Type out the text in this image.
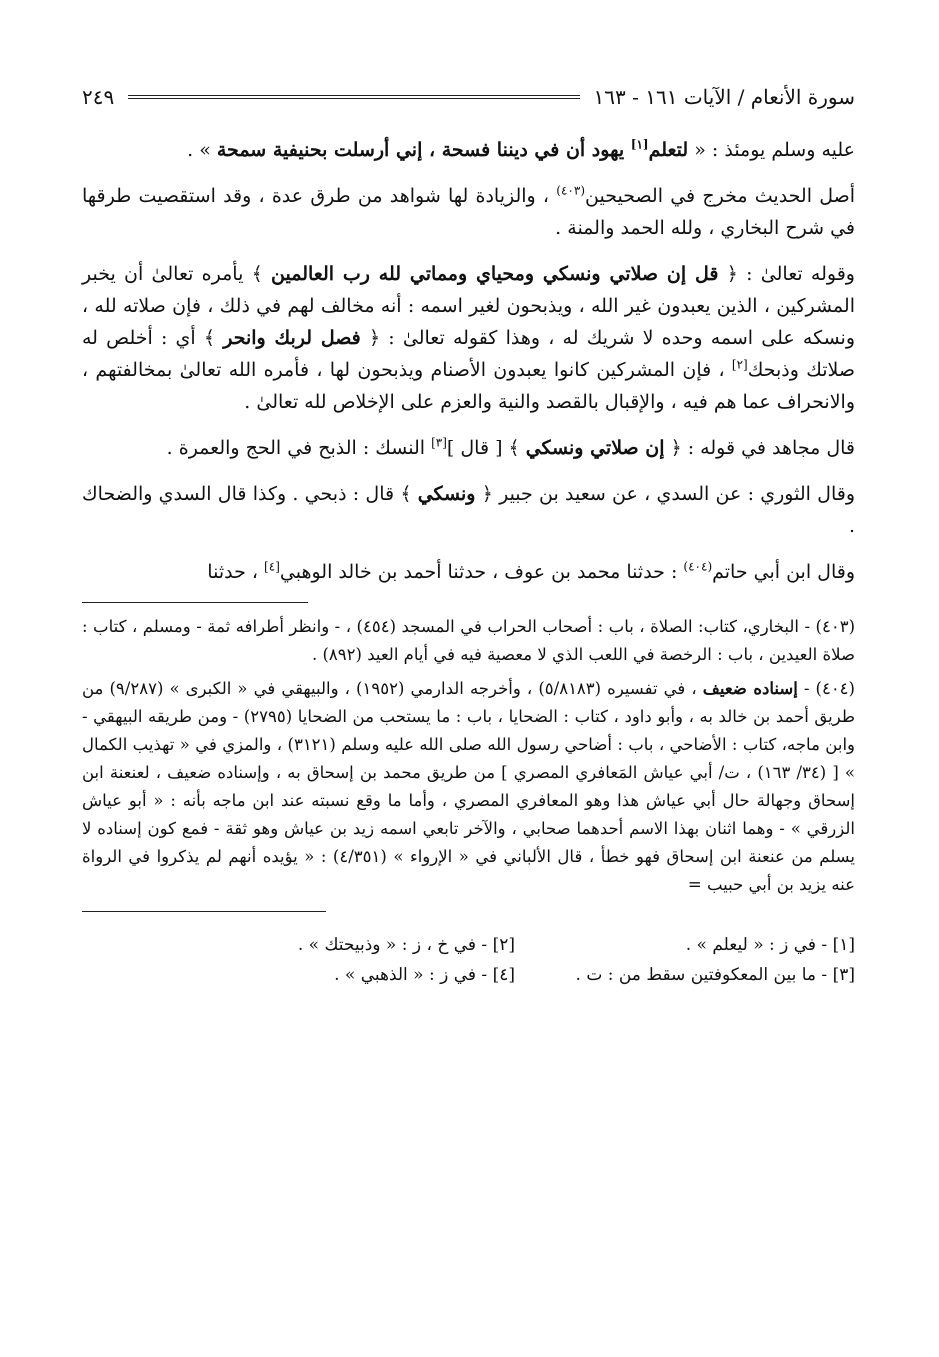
سورة الأنعام / الآيات ١٦١ - ١٦٣
٢٤٩

عليه وسلم يومئذ : « لتعلم[١] يهود أن في ديننا فسحة ، إني أرسلت بحنيفية سمحة » .

أصل الحديث مخرج في الصحيحين$^{(٤٠٣)}$ ، والزيادة لها شواهد من طرق عدة ، وقد استقصيت طرقها في شرح البخاري ، ولله الحمد والمنة .

وقوله تعالىٰ : ﴿ قل إن صلاتي ونسكي ومحياي ومماتي لله رب العالمين ﴾ يأمره تعالىٰ أن يخبر المشركين ، الذين يعبدون غير الله ، ويذبحون لغير اسمه : أنه مخالف لهم في ذلك ، فإن صلاته لله ، ونسكه على اسمه وحده لا شريك له ، وهذا كقوله تعالىٰ : ﴿ فصل لربك وانحر ﴾ أي : أخلص له صلاتك وذبحك[٢] ، فإن المشركين كانوا يعبدون الأصنام ويذبحون لها ، فأمره الله تعالىٰ بمخالفتهم ، والانحراف عما هم فيه ، والإقبال بالقصد والنية والعزم على الإخلاص لله تعالىٰ .

قال مجاهد في قوله : ﴿ إن صلاتي ونسكي ﴾ [ قال ][٣] النسك : الذبح في الحج والعمرة .

وقال الثوري : عن السدي ، عن سعيد بن جبير ﴿ ونسكي ﴾ قال : ذبحي . وكذا قال السدي والضحاك .

وقال ابن أبي حاتم$^{(٤٠٤)}$ : حدثنا محمد بن عوف ، حدثنا أحمد بن خالد الوهبي[٤] ، حدثنا

(٤٠٣) - البخاري، كتاب: الصلاة ، باب : أصحاب الحراب في المسجد (٤٥٤) ، - وانظر أطرافه ثمة - ومسلم ، كتاب : صلاة العيدين ، باب : الرخصة في اللعب الذي لا معصية فيه في أيام العيد (٨٩٢) .

(٤٠٤) - إسناده ضعيف ، في تفسيره (٥/٨١٨٣) ، وأخرجه الدارمي (١٩٥٢) ، والبيهقي في « الكبرى » (٩/٢٨٧) من طريق أحمد بن خالد به ، وأبو داود ، كتاب : الضحايا ، باب : ما يستحب من الضحايا (٢٧٩٥) - ومن طريقه البيهقي - وابن ماجه، كتاب : الأضاحي ، باب : أضاحي رسول الله صلى الله عليه وسلم (٣١٢١) ، والمزي في « تهذيب الكمال » [ (٣٤/ ١٦٣) ، ت/ أبي عياش المَعافري المصري ] من طريق محمد بن إسحاق به ، وإسناده ضعيف ، لعنعنة ابن إسحاق وجهالة حال أبي عياش هذا وهو المعافري المصري ، وأما ما وقع نسبته عند ابن ماجه بأنه : « أبو عياش الزرقي » - وهما اثنان بهذا الاسم أحدهما صحابي ، والآخر تابعي اسمه زيد بن عياش وهو ثقة - فمع كون إسناده لا يسلم من عنعنة ابن إسحاق فهو خطأ ، قال الألباني في « الإرواء » (٤/٣٥١) : « يؤيده أنهم لم يذكروا في الرواة عنه يزيد بن أبي حبيب =

[١] - في ز : « ليعلم » .
[٢] - في خ ، ز : « وذبيحتك » .
[٣] - ما بين المعكوفتين سقط من : ت .
[٤] - في ز : « الذهبي » .
